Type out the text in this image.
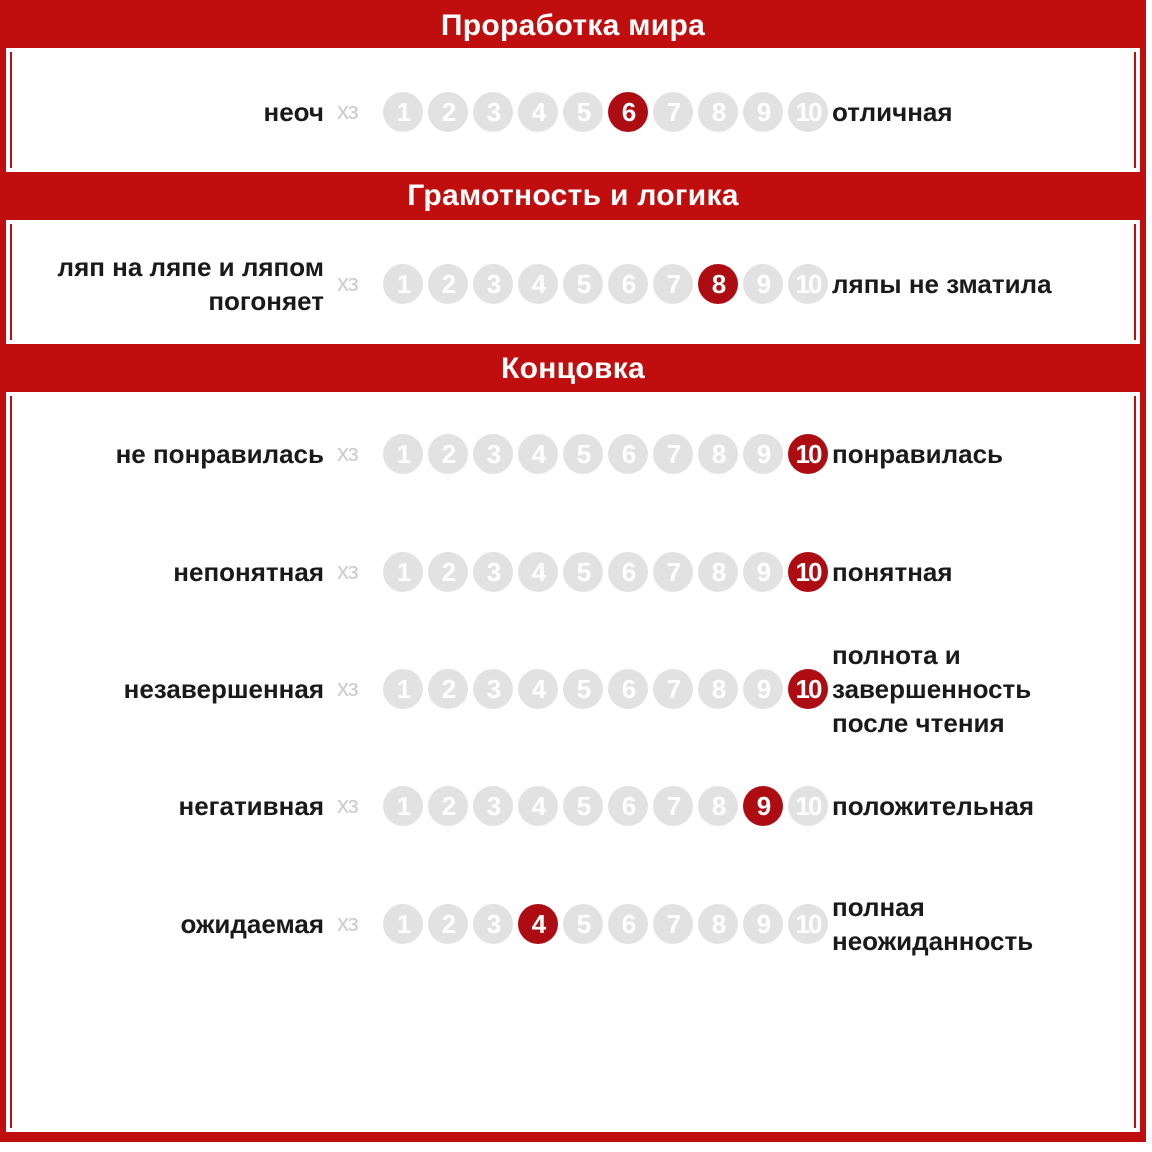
Проработка мира
неоч хз	1	2	3	4	5	6	7	8	9	10 отличная
Грамотность и логика
ляп на ляпе и ляпом погоняет
хз	1	2	3	4	5	6	7	8	9	10 ляпы не зматила
Концовка
не понравилась хз	1	2	3	4	5	6	7	8	9	10 понравилась
непонятная хз	1	2	3	4	5	6	7	8	9	10 понятная
незавершенная хз	1	2	3	4	5	6	7	8	9	10
полнота и завершенность после чтения
негативная хз	1	2	3	4	5	6	7	8	9	10 положительная
ожидаемая хз	1	2	3	4	5	6	7	8	9	10
полная неожиданность
